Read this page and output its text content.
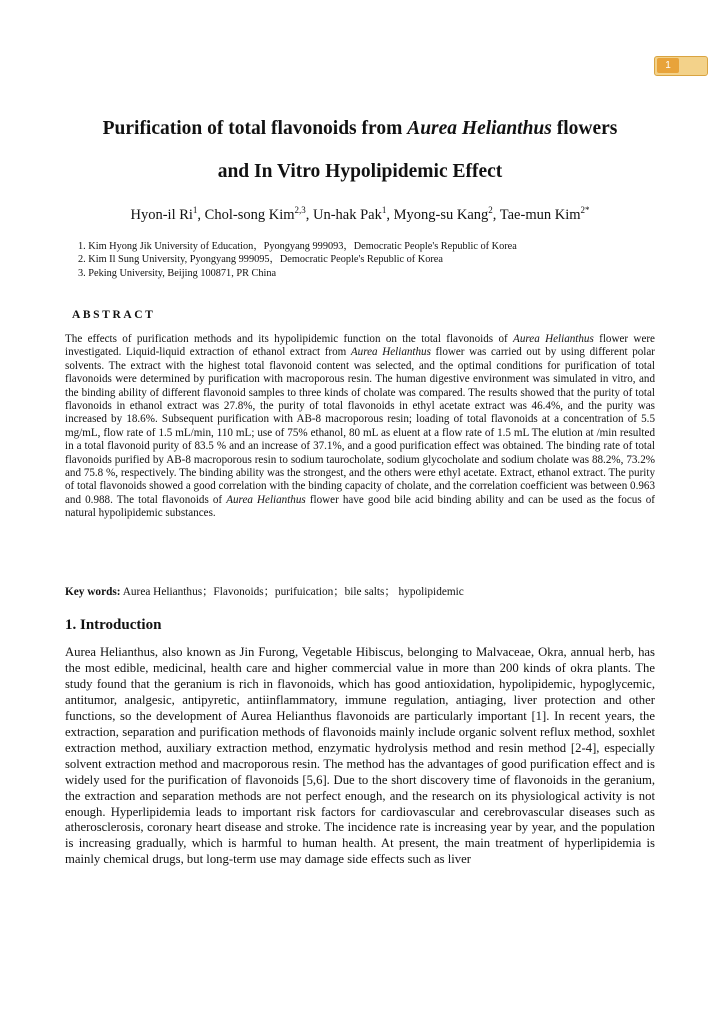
1
Purification of total flavonoids from Aurea Helianthus flowers
and In Vitro Hypolipidemic Effect

Hyon-il Ri$^1$, Chol-song Kim$^{2,3}$, Un-hak Pak$^1$, Myong-su Kang$^2$, Tae-mun Kim$^{2*}$

1. Kim Hyong Jik University of Education，Pyongyang 999093，Democratic People's Republic of Korea
2. Kim Il Sung University, Pyongyang 999095，Democratic People's Republic of Korea
3. Peking University, Beijing 100871, PR China
ABSTRACT

The effects of purification methods and its hypolipidemic function on the total flavonoids of Aurea Helianthus flower were investigated. Liquid-liquid extraction of ethanol extract from Aurea Helianthus flower was carried out by using different polar solvents. The extract with the highest total flavonoid content was selected, and the optimal conditions for purification of total flavonoids were determined by purification with macroporous resin. The human digestive environment was simulated in vitro, and the binding ability of different flavonoid samples to three kinds of cholate was compared. The results showed that the purity of total flavonoids in ethanol extract was 27.8%, the purity of total flavonoids in ethyl acetate extract was 46.4%, and the purity was increased by 18.6%. Subsequent purification with AB-8 macroporous resin; loading of total flavonoids at a concentration of 5.5 mg/mL, flow rate of 1.5 mL/min, 110 mL; use of 75% ethanol, 80 mL as eluent at a flow rate of 1.5 mL The elution at /min resulted in a total flavonoid purity of 83.5 % and an increase of 37.1%, and a good purification effect was obtained. The binding rate of total flavonoids purified by AB-8 macroporous resin to sodium taurocholate, sodium glycocholate and sodium cholate was 88.2%, 73.2% and 75.8 %, respectively. The binding ability was the strongest, and the others were ethyl acetate. Extract, ethanol extract. The purity of total flavonoids showed a good correlation with the binding capacity of cholate, and the correlation coefficient was between 0.963 and 0.988. The total flavonoids of Aurea Helianthus flower have good bile acid binding ability and can be used as the focus of natural hypolipidemic substances.

Key words: Aurea Helianthus；Flavonoids；purifuication；bile salts； hypolipidemic

1. Introduction

Aurea Helianthus, also known as Jin Furong, Vegetable Hibiscus, belonging to Malvaceae, Okra, annual herb, has the most edible, medicinal, health care and higher commercial value in more than 200 kinds of okra plants. The study found that the geranium is rich in flavonoids, which has good antioxidation, hypolipidemic, hypoglycemic, antitumor, analgesic, antipyretic, antiinflammatory, immune regulation, antiaging, liver protection and other functions, so the development of Aurea Helianthus flavonoids are particularly important [1]. In recent years, the extraction, separation and purification methods of flavonoids mainly include organic solvent reflux method, soxhlet extraction method, auxiliary extraction method, enzymatic hydrolysis method and resin method [2-4], especially solvent extraction method and macroporous resin. The method has the advantages of good purification effect and is widely used for the purification of flavonoids [5,6]. Due to the short discovery time of flavonoids in the geranium, the extraction and separation methods are not perfect enough, and the research on its physiological activity is not enough. Hyperlipidemia leads to important risk factors for cardiovascular and cerebrovascular diseases such as atherosclerosis, coronary heart disease and stroke. The incidence rate is increasing year by year, and the population is increasing gradually, which is harmful to human health. At present, the main treatment of hyperlipidemia is mainly chemical drugs, but long-term use may damage side effects such as liver
